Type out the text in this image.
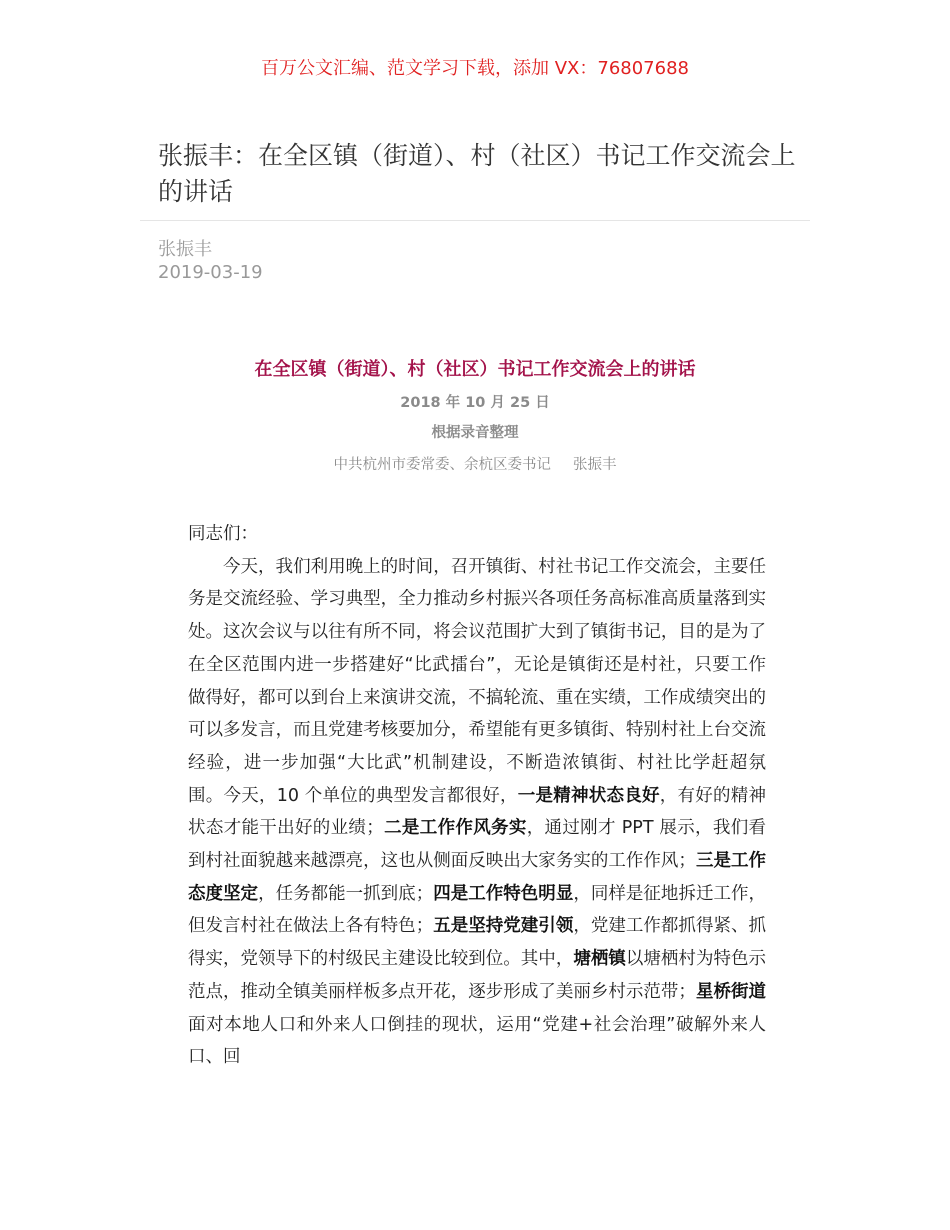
百万公文汇编、范文学习下载，添加 VX：76807688
张振丰：在全区镇（街道）、村（社区）书记工作交流会上的讲话
张振丰
2019-03-19
在全区镇（街道）、村（社区）书记工作交流会上的讲话
2018 年 10 月 25 日
根据录音整理
中共杭州市委常委、余杭区委书记 张振丰

同志们：

今天，我们利用晚上的时间，召开镇街、村社书记工作交流会，主要任务是交流经验、学习典型，全力推动乡村振兴各项任务高标准高质量落到实处。这次会议与以往有所不同，将会议范围扩大到了镇街书记，目的是为了在全区范围内进一步搭建好“比武擂台”，无论是镇街还是村社，只要工作做得好，都可以到台上来演讲交流，不搞轮流、重在实绩，工作成绩突出的可以多发言，而且党建考核要加分，希望能有更多镇街、特别村社上台交流经验，进一步加强“大比武”机制建设，不断造浓镇街、村社比学赶超氛围。今天，10 个单位的典型发言都很好，一是精神状态良好，有好的精神状态才能干出好的业绩；二是工作作风务实，通过刚才 PPT 展示，我们看到村社面貌越来越漂亮，这也从侧面反映出大家务实的工作作风；三是工作态度坚定，任务都能一抓到底；四是工作特色明显，同样是征地拆迁工作，但发言村社在做法上各有特色；五是坚持党建引领，党建工作都抓得紧、抓得实，党领导下的村级民主建设比较到位。其中，塘栖镇以塘栖村为特色示范点，推动全镇美丽样板多点开花，逐步形成了美丽乡村示范带；星桥街道面对本地人口和外来人口倒挂的现状，运用“党建+社会治理”破解外来人口、回
